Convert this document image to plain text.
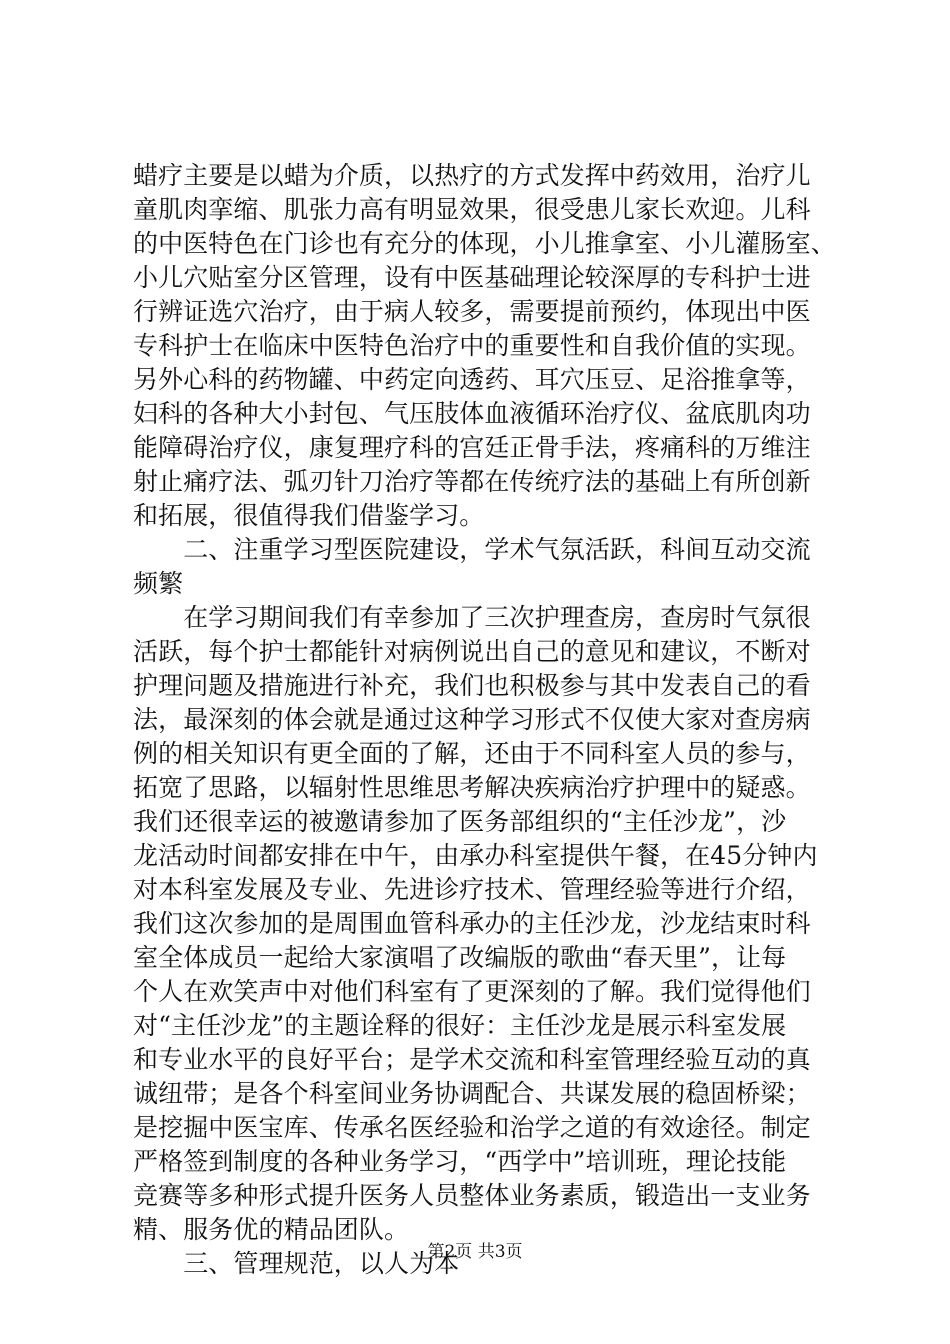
蜡疗主要是以蜡为介质，以热疗的方式发挥中药效用，治疗儿
童肌肉挛缩、肌张力高有明显效果，很受患儿家长欢迎。儿科
的中医特色在门诊也有充分的体现，小儿推拿室、小儿灌肠室、
小儿穴贴室分区管理，设有中医基础理论较深厚的专科护士进
行辨证选穴治疗，由于病人较多，需要提前预约，体现出中医
专科护士在临床中医特色治疗中的重要性和自我价值的实现。
另外心科的药物罐、中药定向透药、耳穴压豆、足浴推拿等，
妇科的各种大小封包、气压肢体血液循环治疗仪、盆底肌肉功
能障碍治疗仪，康复理疗科的宫廷正骨手法，疼痛科的万维注
射止痛疗法、弧刃针刀治疗等都在传统疗法的基础上有所创新
和拓展，很值得我们借鉴学习。
　　二、注重学习型医院建设，学术气氛活跃，科间互动交流
频繁
　　在学习期间我们有幸参加了三次护理查房，查房时气氛很
活跃，每个护士都能针对病例说出自己的意见和建议，不断对
护理问题及措施进行补充，我们也积极参与其中发表自己的看
法，最深刻的体会就是通过这种学习形式不仅使大家对查房病
例的相关知识有更全面的了解，还由于不同科室人员的参与，
拓宽了思路，以辐射性思维思考解决疾病治疗护理中的疑惑。
我们还很幸运的被邀请参加了医务部组织的“主任沙龙”，沙
龙活动时间都安排在中午，由承办科室提供午餐，在45分钟内
对本科室发展及专业、先进诊疗技术、管理经验等进行介绍，
我们这次参加的是周围血管科承办的主任沙龙，沙龙结束时科
室全体成员一起给大家演唱了改编版的歌曲“春天里”，让每
个人在欢笑声中对他们科室有了更深刻的了解。我们觉得他们
对“主任沙龙”的主题诠释的很好：主任沙龙是展示科室发展
和专业水平的良好平台；是学术交流和科室管理经验互动的真
诚纽带；是各个科室间业务协调配合、共谋发展的稳固桥梁；
是挖掘中医宝库、传承名医经验和治学之道的有效途径。制定
严格签到制度的各种业务学习，“西学中”培训班，理论技能
竞赛等多种形式提升医务人员整体业务素质，锻造出一支业务
精、服务优的精品团队。
　　三、管理规范，以人为本
第2页 共3页
